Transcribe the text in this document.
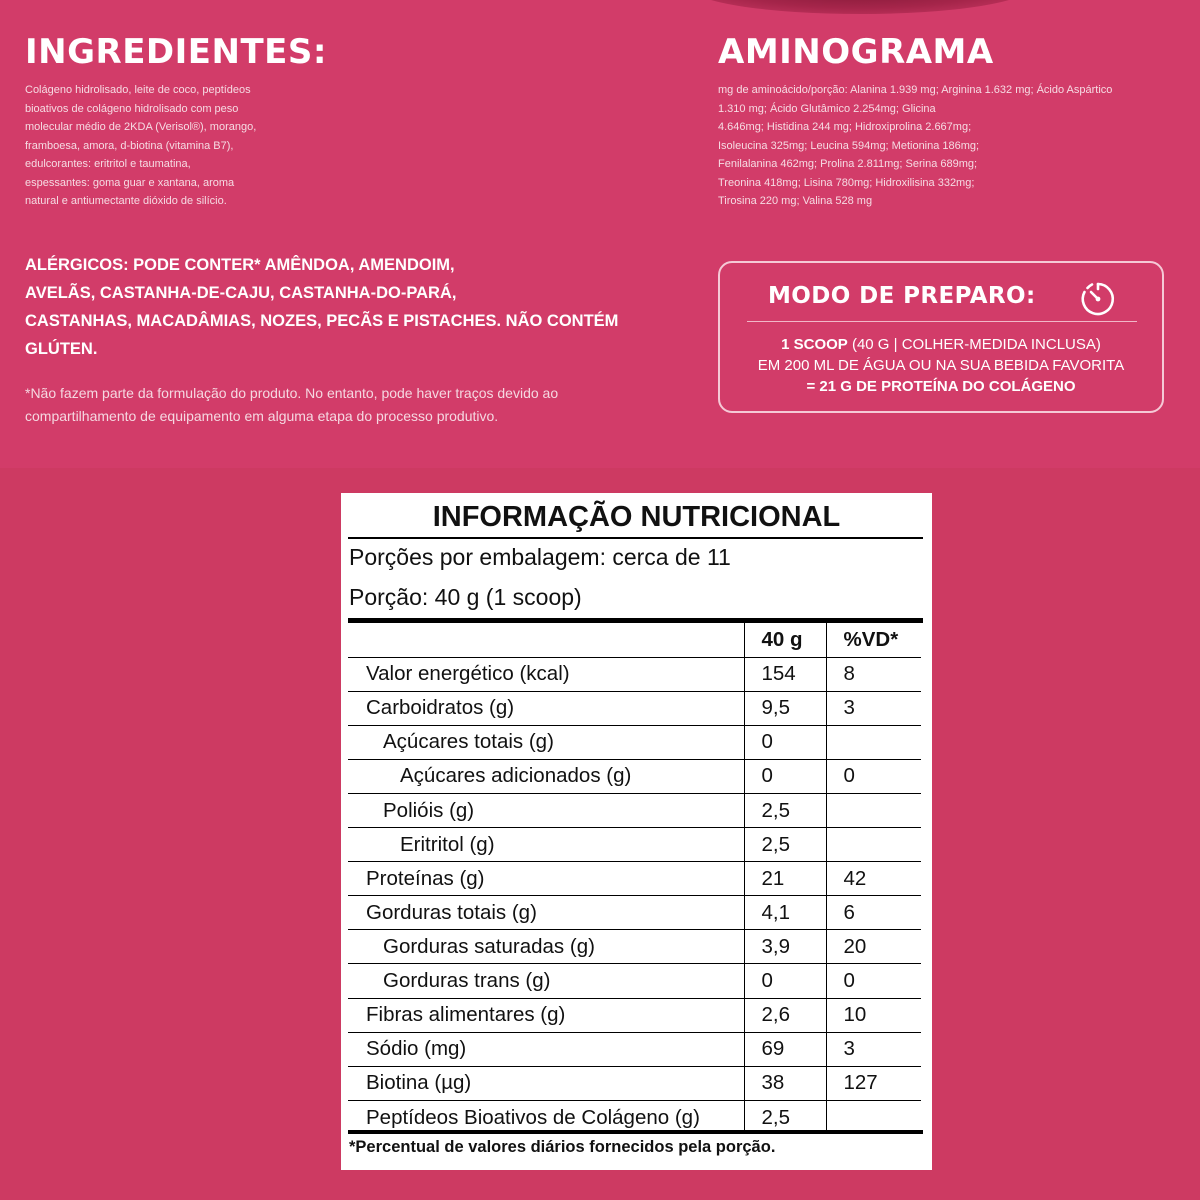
INGREDIENTES:
Colágeno hidrolisado, leite de coco, peptídeos
bioativos de colágeno hidrolisado com peso
molecular médio de 2KDA (Verisol®), morango,
framboesa, amora, d-biotina (vitamina B7),
edulcorantes: eritritol e taumatina,
espessantes: goma guar e xantana, aroma
natural e antiumectante dióxido de silício.
AMINOGRAMA
mg de aminoácido/porção: Alanina 1.939 mg; Arginina 1.632 mg; Ácido Aspártico
1.310 mg; Ácido Glutâmico 2.254mg; Glicina
4.646mg; Histidina 244 mg; Hidroxiprolina 2.667mg;
Isoleucina 325mg; Leucina 594mg; Metionina 186mg;
Fenilalanina 462mg; Prolina 2.811mg; Serina 689mg;
Treonina 418mg; Lisina 780mg; Hidroxilisina 332mg;
Tirosina 220 mg; Valina 528 mg
ALÉRGICOS: PODE CONTER* AMÊNDOA, AMENDOIM,
AVELÃS, CASTANHA-DE-CAJU, CASTANHA-DO-PARÁ,
CASTANHAS, MACADÂMIAS, NOZES, PECÃS E PISTACHES. NÃO CONTÉM
GLÚTEN.
*Não fazem parte da formulação do produto. No entanto, pode haver traços devido ao
compartilhamento de equipamento em alguma etapa do processo produtivo.
MODO DE PREPARO:
1 SCOOP (40 G | COLHER-MEDIDA INCLUSA)
EM 200 ML DE ÁGUA OU NA SUA BEBIDA FAVORITA
= 21 G DE PROTEÍNA DO COLÁGENO
INFORMAÇÃO NUTRICIONAL
Porções por embalagem: cerca de 11
Porção: 40 g (1 scoop)
	40 g	%VD*
Valor energético (kcal)	154	8
Carboidratos (g)	9,5	3
Açúcares totais (g)	0	
Açúcares adicionados (g)	0	0
Polióis (g)	2,5	
Eritritol (g)	2,5	
Proteínas (g)	21	42
Gorduras totais (g)	4,1	6
Gorduras saturadas (g)	3,9	20
Gorduras trans (g)	0	0
Fibras alimentares (g)	2,6	10
Sódio (mg)	69	3
Biotina (µg)	38	127
Peptídeos Bioativos de Colágeno (g)	2,5	
*Percentual de valores diários fornecidos pela porção.
